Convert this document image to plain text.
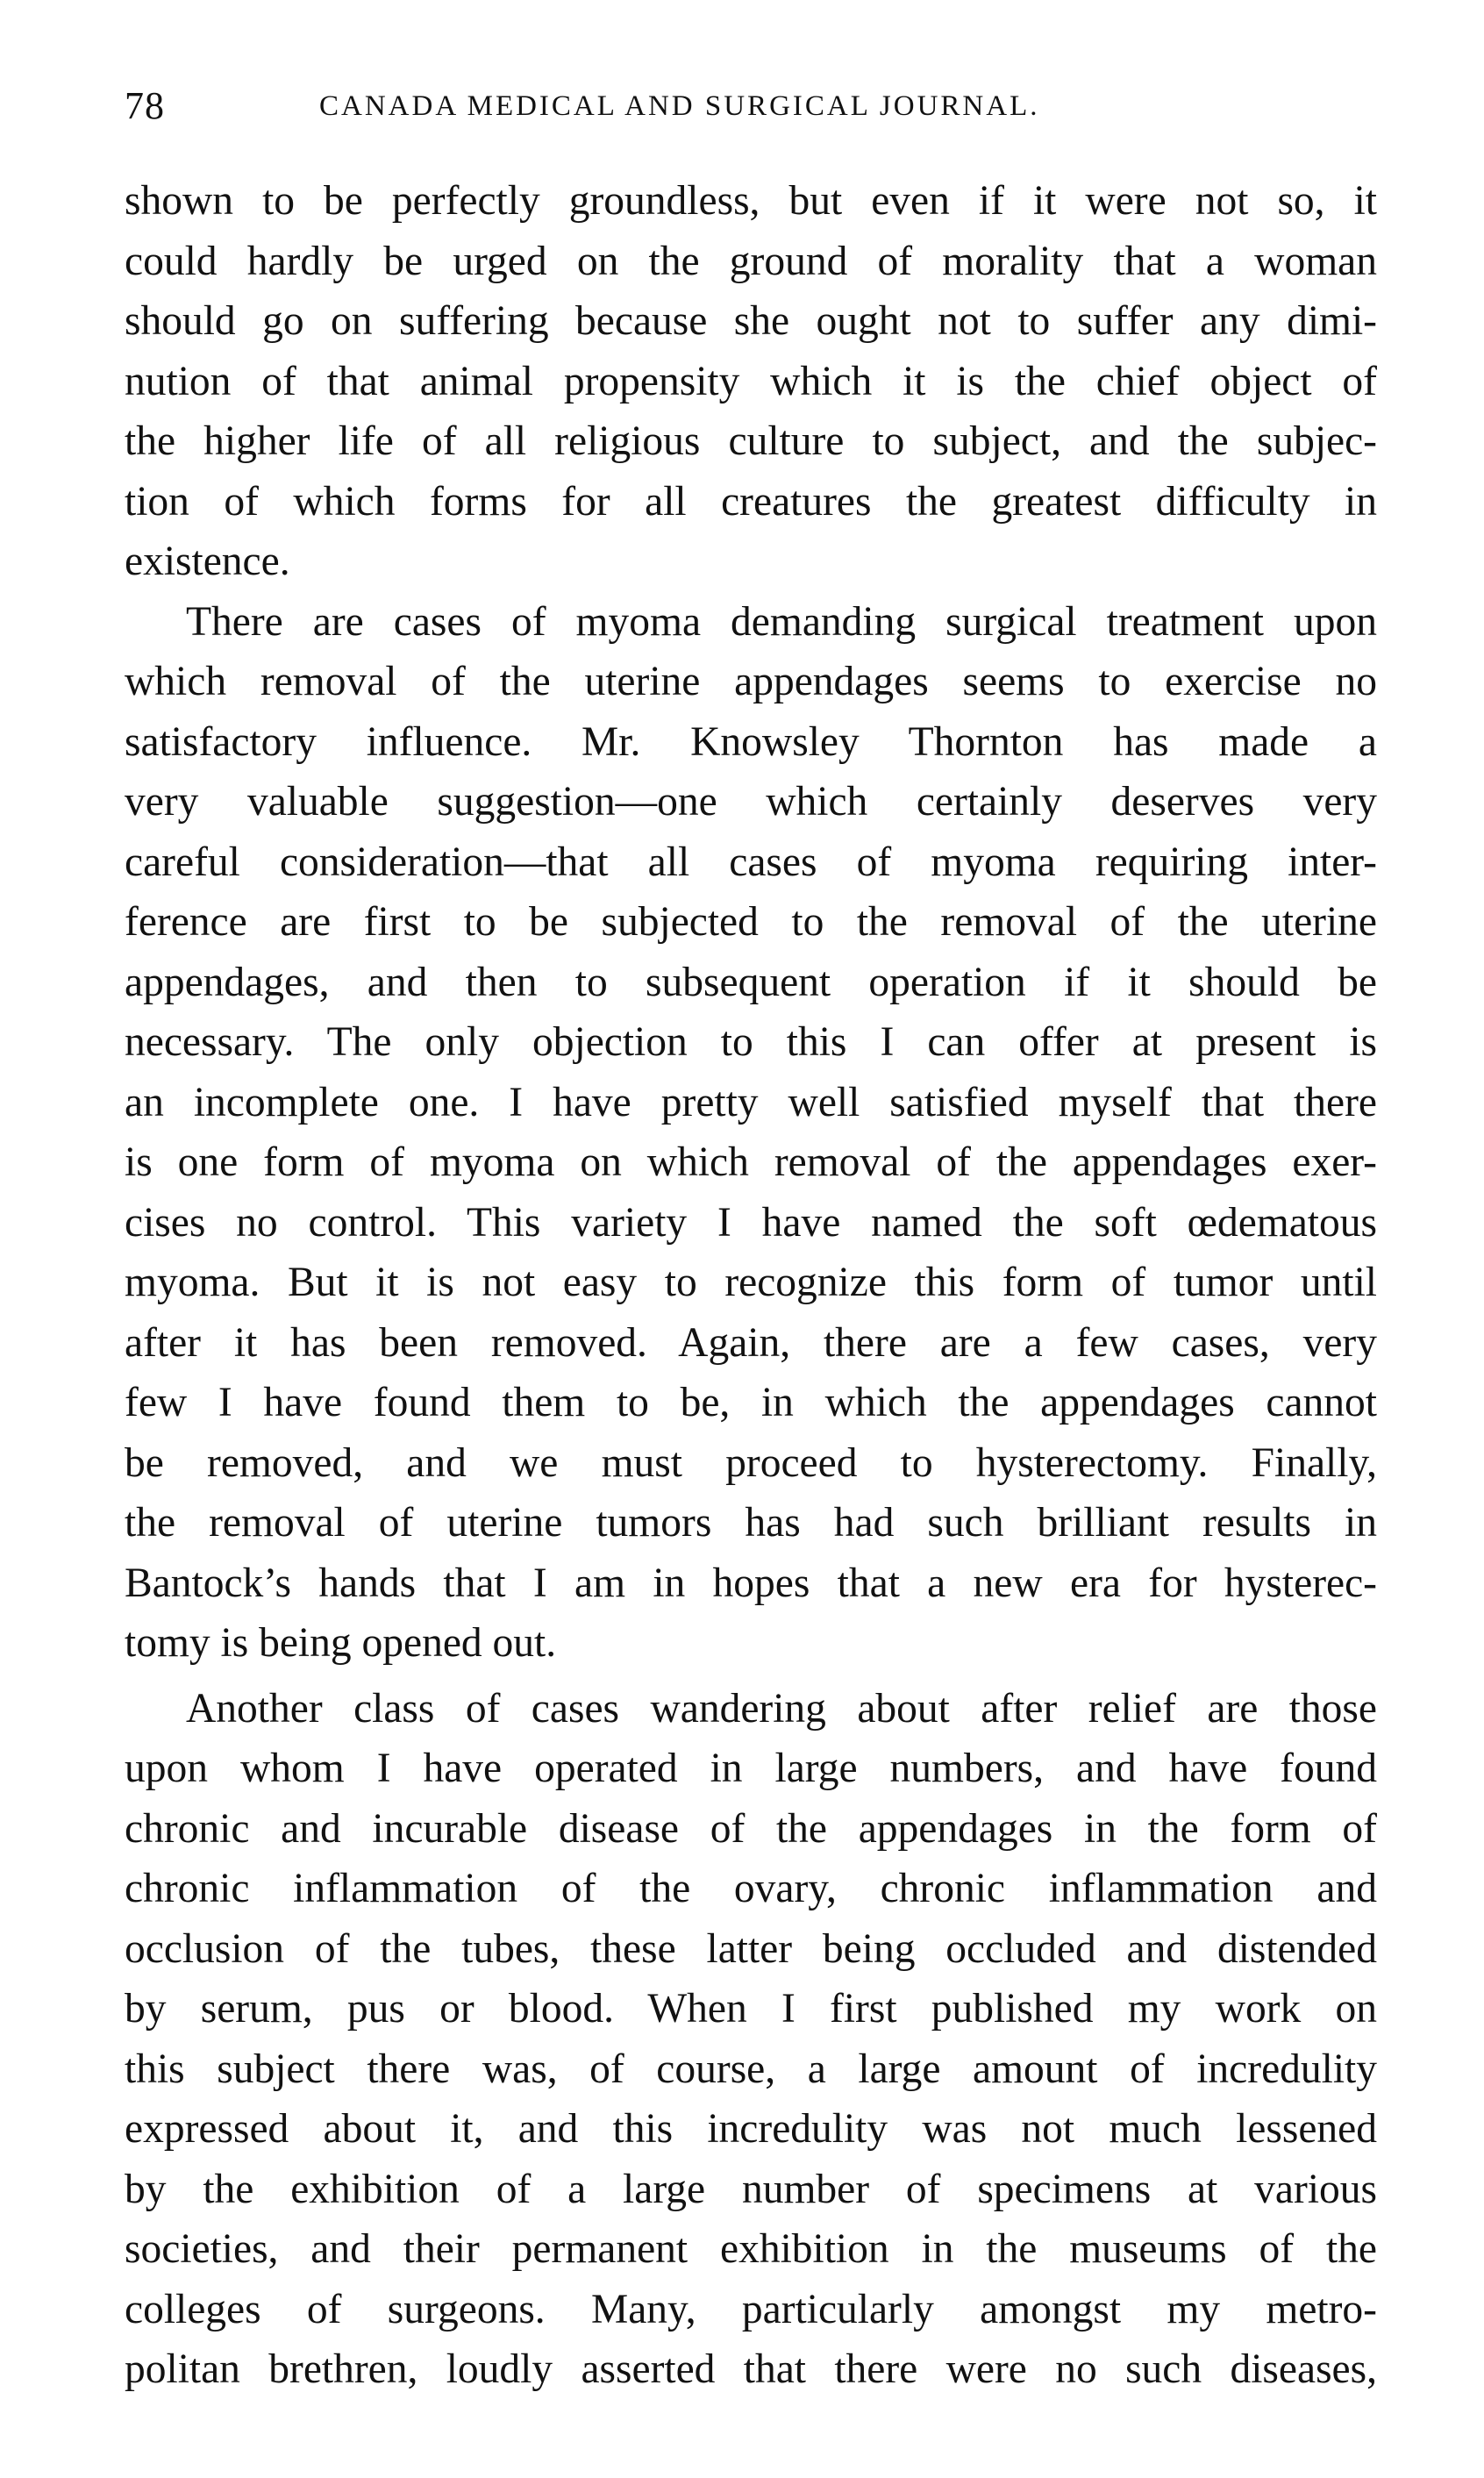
78	CANADA MEDICAL AND SURGICAL JOURNAL.
shown to be perfectly groundless, but even if it were not so, it
could hardly be urged on the ground of morality that a woman
should go on suffering because she ought not to suffer any dimi-
nution of that animal propensity which it is the chief object of
the higher life of all religious culture to subject, and the subjec-
tion of which forms for all creatures the greatest difficulty in
existence.
There are cases of myoma demanding surgical treatment upon
which removal of the uterine appendages seems to exercise no
satisfactory influence. Mr. Knowsley Thornton has made a
very valuable suggestion—one which certainly deserves very
careful consideration—that all cases of myoma requiring inter-
ference are first to be subjected to the removal of the uterine
appendages, and then to subsequent operation if it should be
necessary. The only objection to this I can offer at present is
an incomplete one. I have pretty well satisfied myself that there
is one form of myoma on which removal of the appendages exer-
cises no control. This variety I have named the soft œdematous
myoma. But it is not easy to recognize this form of tumor until
after it has been removed. Again, there are a few cases, very
few I have found them to be, in which the appendages cannot
be removed, and we must proceed to hysterectomy. Finally,
the removal of uterine tumors has had such brilliant results in
Bantock’s hands that I am in hopes that a new era for hysterec-
tomy is being opened out.
Another class of cases wandering about after relief are those
upon whom I have operated in large numbers, and have found
chronic and incurable disease of the appendages in the form of
chronic inflammation of the ovary, chronic inflammation and
occlusion of the tubes, these latter being occluded and distended
by serum, pus or blood. When I first published my work on
this subject there was, of course, a large amount of incredulity
expressed about it, and this incredulity was not much lessened
by the exhibition of a large number of specimens at various
societies, and their permanent exhibition in the museums of the
colleges of surgeons. Many, particularly amongst my metro-
politan brethren, loudly asserted that there were no such diseases,
